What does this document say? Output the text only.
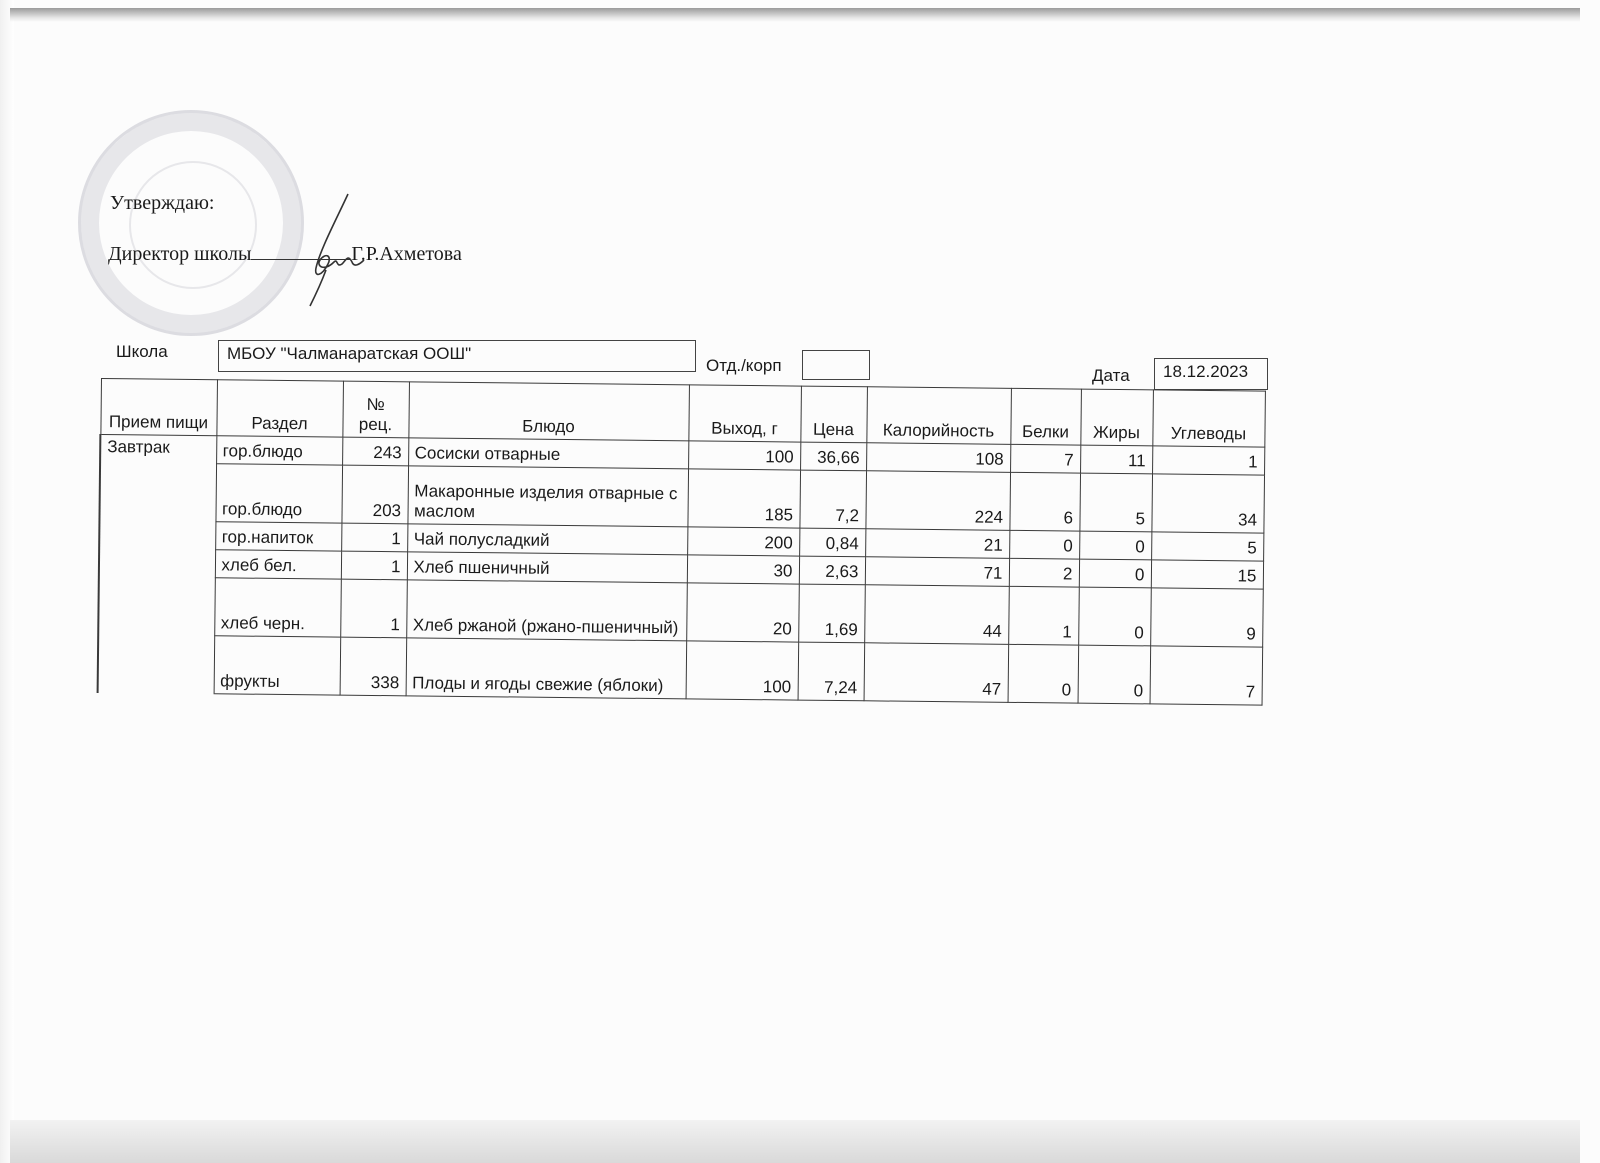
Утверждаю:
Директор школы	Г.Р.Ахметова
Школа	МБОУ "Чалманаратская ООШ"
Отд./корп
Дата	18.12.2023
Прием пищи	Раздел	№ рец.	Блюдо	Выход, г	Цена	Калорийность	Белки	Жиры	Углеводы
Завтрак	гор.блюдо	243	Сосиски отварные	100	36,66	108	7	11	1
	гор.блюдо	203	Макаронные изделия отварные с маслом	185	7,2	224	6	5	34
	гор.напиток	1	Чай полусладкий	200	0,84	21	0	0	5
	хлеб бел.	1	Хлеб пшеничный	30	2,63	71	2	0	15
	хлеб черн.	1	Хлеб ржаной (ржано-пшеничный)	20	1,69	44	1	0	9
	фрукты	338	Плоды и ягоды свежие (яблоки)	100	7,24	47	0	0	7
